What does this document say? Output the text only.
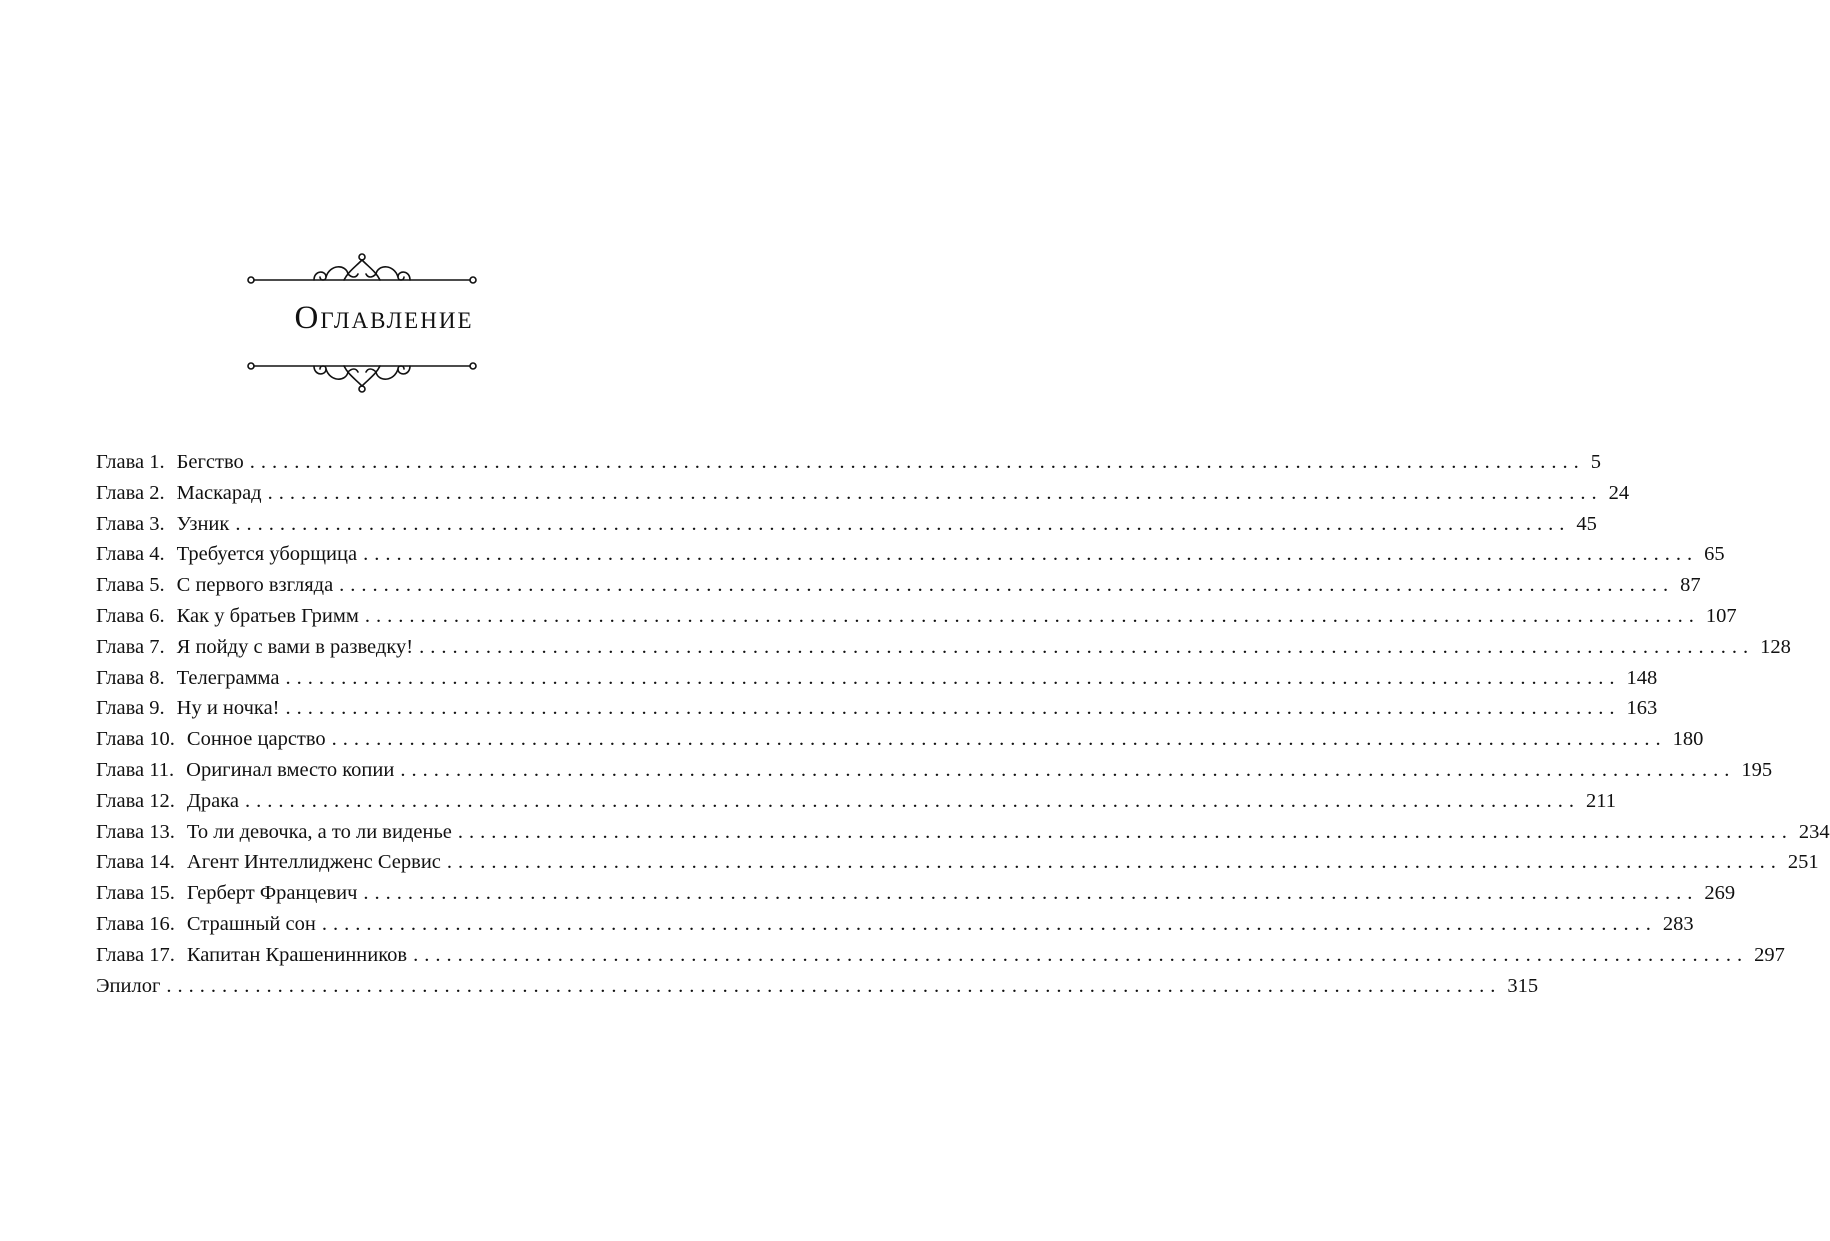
Оглавление
Глава 1. Бегство ........................................................................................................................ 5
Глава 2. Маскарад ........................................................................................................................ 24
Глава 3. Узник ........................................................................................................................ 45
Глава 4. Требуется уборщица ........................................................................................................................ 65
Глава 5. С первого взгляда ........................................................................................................................ 87
Глава 6. Как у братьев Гримм ........................................................................................................................ 107
Глава 7. Я пойду с вами в разведку! ........................................................................................................................ 128
Глава 8. Телеграмма ........................................................................................................................ 148
Глава 9. Ну и ночка! ........................................................................................................................ 163
Глава 10. Сонное царство ........................................................................................................................ 180
Глава 11. Оригинал вместо копии ........................................................................................................................ 195
Глава 12. Драка ........................................................................................................................ 211
Глава 13. То ли девочка, а то ли виденье ........................................................................................................................ 234
Глава 14. Агент Интеллидженс Сервис ........................................................................................................................ 251
Глава 15. Герберт Францевич ........................................................................................................................ 269
Глава 16. Страшный сон ........................................................................................................................ 283
Глава 17. Капитан Крашенинников ........................................................................................................................ 297
Эпилог ........................................................................................................................ 315
